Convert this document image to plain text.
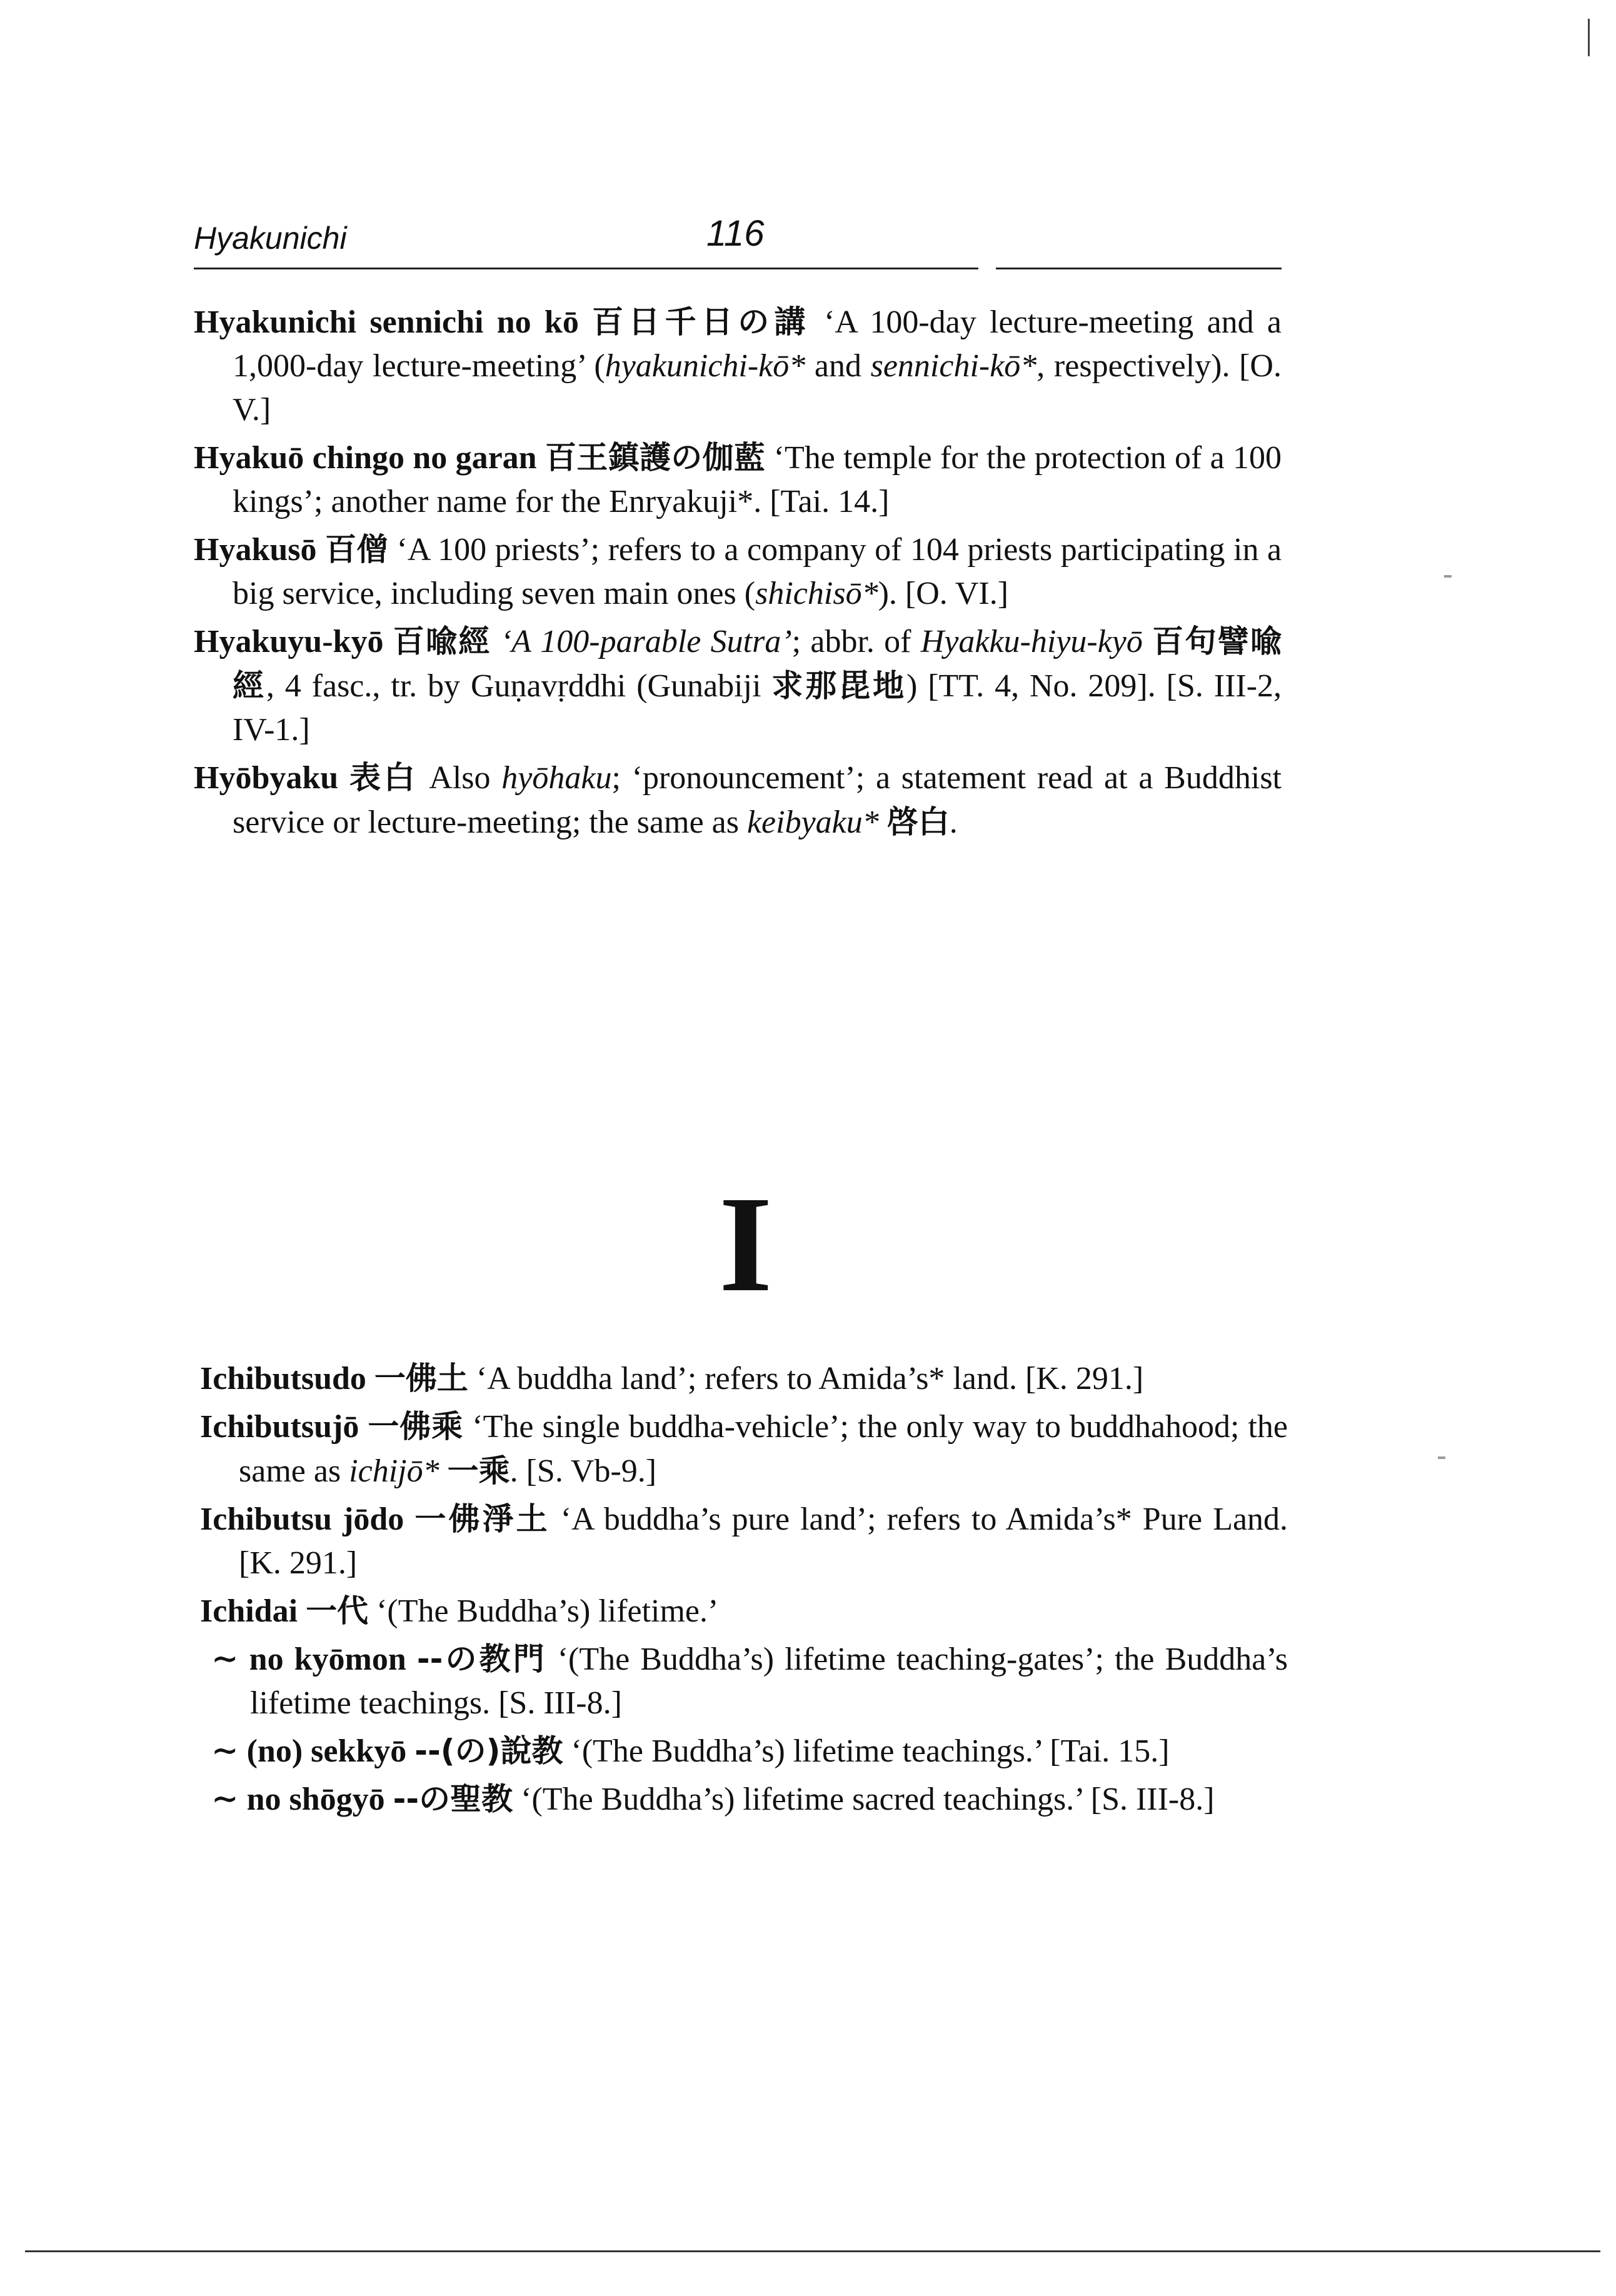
Hyakunichi	116

Hyakunichi sennichi no kō 百日千日の講 ‘A 100-day lecture-meeting and a 1,000-day lecture-meeting’ (hyakunichi-kō* and sennichi-kō*, respectively). [O. V.]

Hyakuō chingo no garan 百王鎮護の伽藍 ‘The temple for the protection of a 100 kings’; another name for the Enryakuji*. [Tai. 14.]

Hyakusō 百僧 ‘A 100 priests’; refers to a company of 104 priests participating in a big service, including seven main ones (shichisō*). [O. VI.]

Hyakuyu-kyō 百喩經 ‘A 100-parable Sutra’; abbr. of Hyakku-hiyu-kyō 百句譬喩經, 4 fasc., tr. by Guṇavṛddhi (Gunabiji 求那毘地) [TT. 4, No. 209]. [S. III-2, IV-1.]

Hyōbyaku 表白 Also hyōhaku; ‘pronouncement’; a statement read at a Buddhist service or lecture-meeting; the same as keibyaku* 啓白.

I

Ichibutsudo 一佛土 ‘A buddha land’; refers to Amida’s* land. [K. 291.]

Ichibutsujō 一佛乘 ‘The single buddha-vehicle’; the only way to buddhahood; the same as ichijō* 一乘. [S. Vb-9.]

Ichibutsu jōdo 一佛淨土 ‘A buddha’s pure land’; refers to Amida’s* Pure Land. [K. 291.]

Ichidai 一代 ‘(The Buddha’s) lifetime.’

∼ no kyōmon --の教門 ‘(The Buddha’s) lifetime teaching-gates’; the Buddha’s lifetime teachings. [S. III-8.]

∼ (no) sekkyō --(の)說教 ‘(The Buddha’s) lifetime teachings.’ [Tai. 15.]

∼ no shōgyō --の聖教 ‘(The Buddha’s) lifetime sacred teachings.’ [S. III-8.]
